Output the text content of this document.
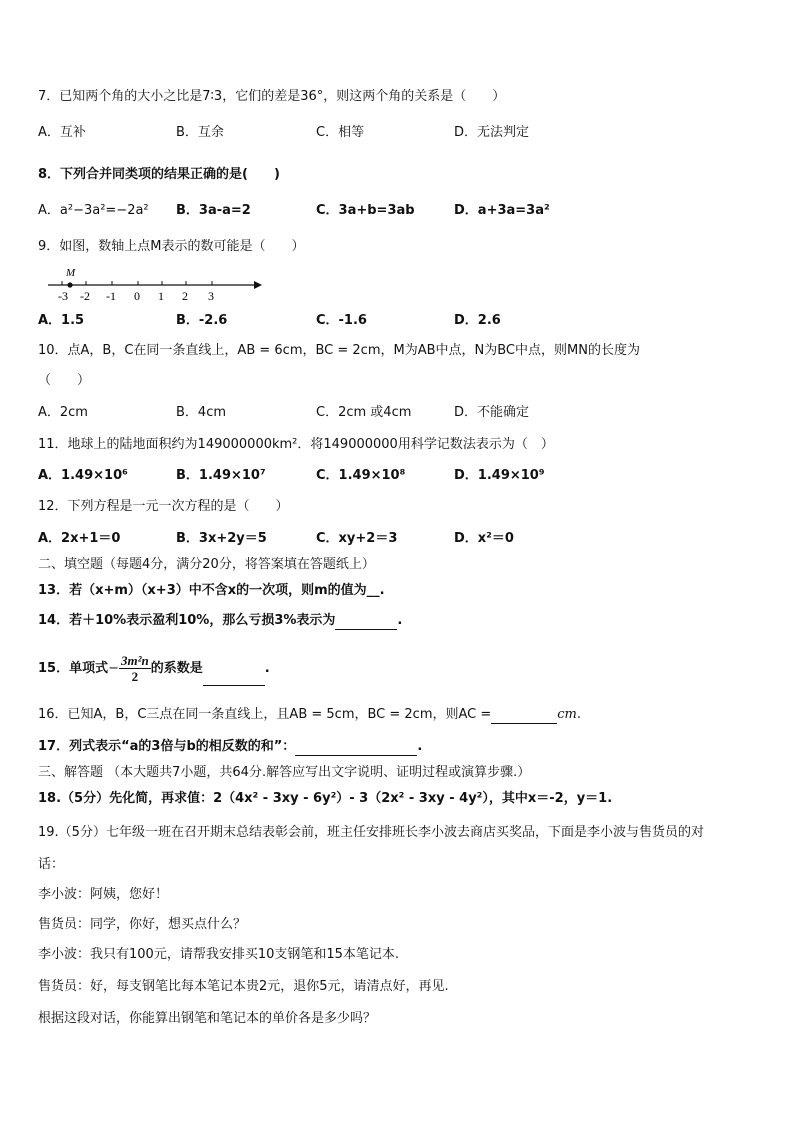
7．已知两个角的大小之比是7∶3，它们的差是36°，则这两个角的关系是（　　）
A．互补	B．互余	C．相等	D．无法判定
8．下列合并同类项的结果正确的是(　　)
A．a²−3a²=−2a² B．3a-a=2	C．3a+b=3ab	D．a+3a=3a²
9．如图，数轴上点M表示的数可能是（　　）
M
-3 -2 -1 0 1 2 3
A．1.5	B．-2.6	C．-1.6	D．2.6
10．点A，B，C在同一条直线上，AB = 6cm，BC = 2cm，M为AB中点，N为BC中点，则MN的长度为
（　　）
A．2cm	B．4cm	C．2cm 或4cm	D．不能确定
11．地球上的陆地面积约为149000000km²．将149000000用科学记数法表示为（　）
A．1.49×10⁶	B．1.49×10⁷	C．1.49×10⁸	D．1.49×10⁹
12．下列方程是一元一次方程的是（　　）
A．2x+1＝0	B．3x+2y＝5	C．xy+2＝3	D．x²＝0
二、填空题（每题4分，满分20分，将答案填在答题纸上）
13．若（x+m）（x+3）中不含x的一次项，则m的值为__.
14．若＋10%表示盈利10%，那么亏损3%表示为	.
15．单项式− $\frac{\text{3m²n}}{2}$ 的系数是	.
16．已知A，B，C三点在同一条直线上，且AB = 5cm，BC = 2cm，则AC =	cm.
17．列式表示“a的3倍与b的相反数的和”：	.
三、解答题 （本大题共7小题，共64分.解答应写出文字说明、证明过程或演算步骤.）
18.（5分）先化简，再求值：2（4x² - 3xy - 6y²）- 3（2x² - 3xy - 4y²），其中x＝-2，y＝1.
19.（5分）七年级一班在召开期末总结表彰会前，班主任安排班长李小波去商店买奖品，下面是李小波与售货员的对
话：
李小波：阿姨，您好！
售货员：同学，你好，想买点什么？
李小波：我只有100元，请帮我安排买10支钢笔和15本笔记本.
售货员：好，每支钢笔比每本笔记本贵2元，退你5元，请清点好，再见.
根据这段对话，你能算出钢笔和笔记本的单价各是多少吗？
